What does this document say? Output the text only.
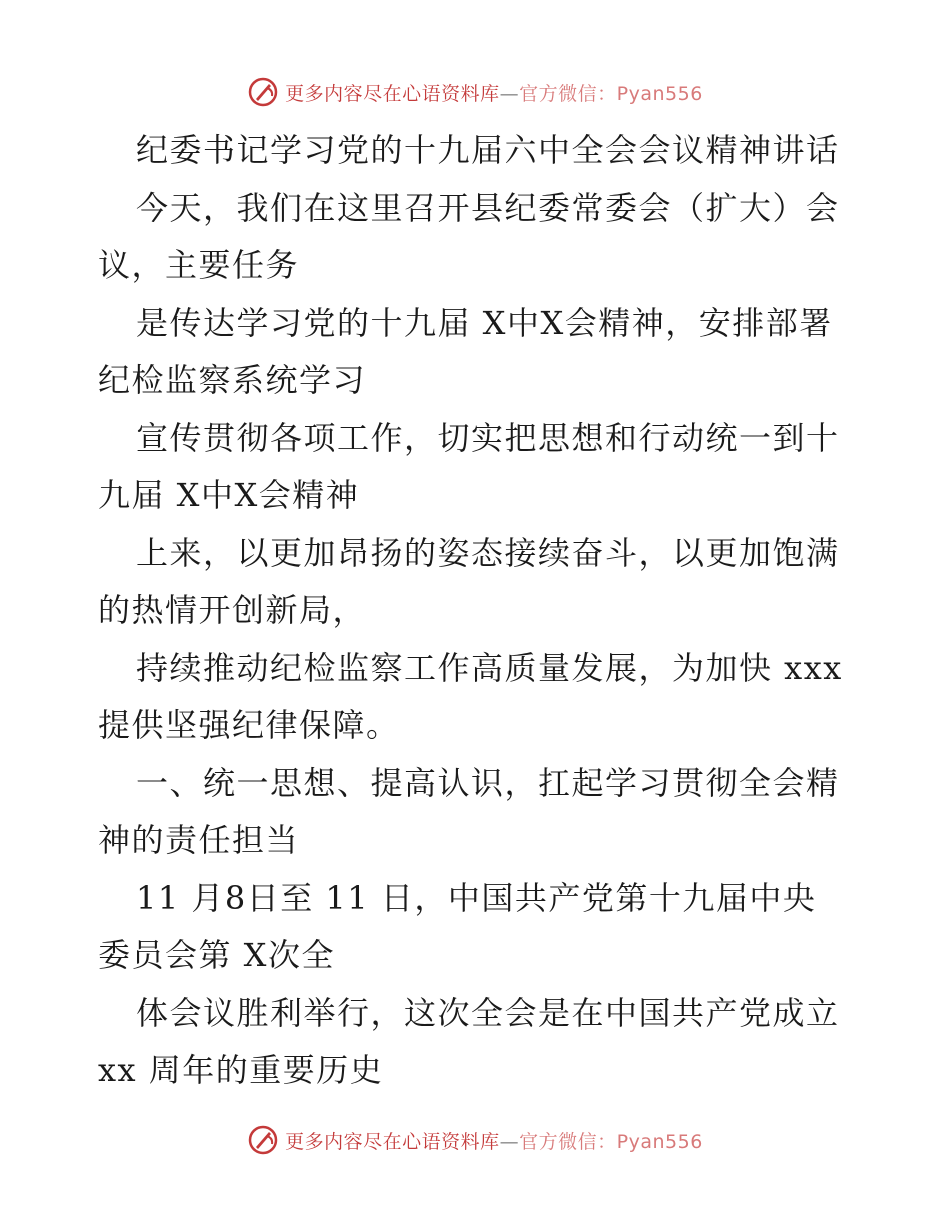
更多内容尽在心语资料库—官方微信：Pyan556
纪委书记学习党的十九届六中全会会议精神讲话
今天，我们在这里召开县纪委常委会（扩大）会
议，主要任务
是传达学习党的十九届 X中X会精神，安排部署
纪检监察系统学习
宣传贯彻各项工作，切实把思想和行动统一到十
九届 X中X会精神
上来，以更加昂扬的姿态接续奋斗，以更加饱满
的热情开创新局，
持续推动纪检监察工作高质量发展，为加快 xxx
提供坚强纪律保障。
一、统一思想、提高认识，扛起学习贯彻全会精
神的责任担当
11 月8日至 11 日，中国共产党第十九届中央
委员会第 X次全
体会议胜利举行，这次全会是在中国共产党成立
xx 周年的重要历史
更多内容尽在心语资料库—官方微信：Pyan556
